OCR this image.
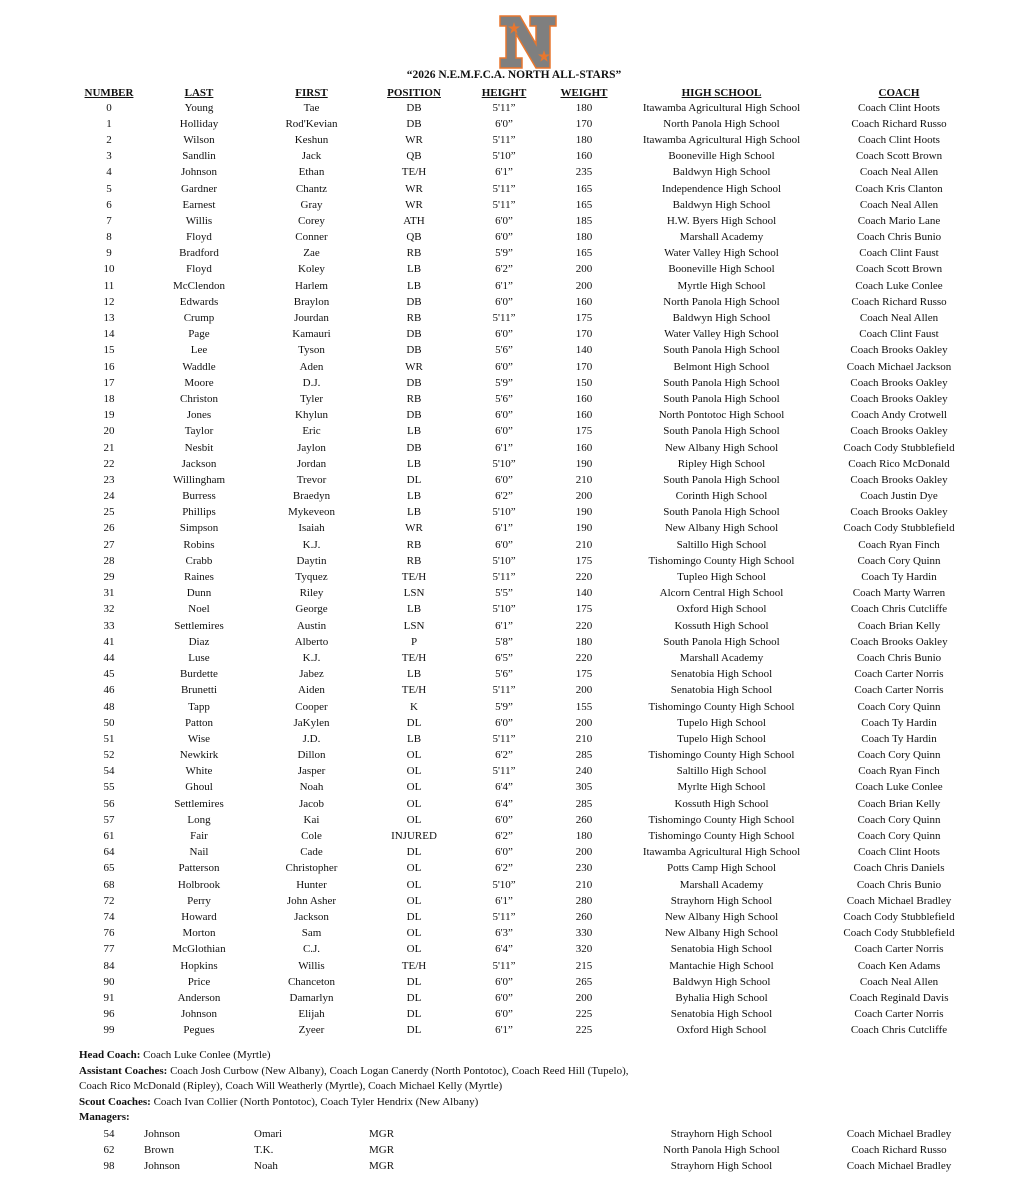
“2026 N.E.M.F.C.A. NORTH ALL-STARS”
NUMBER	LAST	FIRST	POSITION	HEIGHT	WEIGHT	HIGH SCHOOL	COACH
0	Young	Tae	DB	5'11”	180	Itawamba Agricultural High School	Coach Clint Hoots
1	Holliday	Rod'Kevian	DB	6'0”	170	North Panola High School	Coach Richard Russo
2	Wilson	Keshun	WR	5'11”	180	Itawamba Agricultural High School	Coach Clint Hoots
3	Sandlin	Jack	QB	5'10”	160	Booneville High School	Coach Scott Brown
4	Johnson	Ethan	TE/H	6'1”	235	Baldwyn High School	Coach Neal Allen
5	Gardner	Chantz	WR	5'11”	165	Independence High School	Coach Kris Clanton
6	Earnest	Gray	WR	5'11”	165	Baldwyn High School	Coach Neal Allen
7	Willis	Corey	ATH	6'0”	185	H.W. Byers High School	Coach Mario Lane
8	Floyd	Conner	QB	6'0”	180	Marshall Academy	Coach Chris Bunio
9	Bradford	Zae	RB	5'9”	165	Water Valley High School	Coach Clint Faust
10	Floyd	Koley	LB	6'2”	200	Booneville High School	Coach Scott Brown
11	McClendon	Harlem	LB	6'1”	200	Myrtle High School	Coach Luke Conlee
12	Edwards	Braylon	DB	6'0”	160	North Panola High School	Coach Richard Russo
13	Crump	Jourdan	RB	5'11”	175	Baldwyn High School	Coach Neal Allen
14	Page	Kamauri	DB	6'0”	170	Water Valley High School	Coach Clint Faust
15	Lee	Tyson	DB	5'6”	140	South Panola High School	Coach Brooks Oakley
16	Waddle	Aden	WR	6'0”	170	Belmont High School	Coach Michael Jackson
17	Moore	D.J.	DB	5'9”	150	South Panola High School	Coach Brooks Oakley
18	Christon	Tyler	RB	5'6”	160	South Panola High School	Coach Brooks Oakley
19	Jones	Khylun	DB	6'0”	160	North Pontotoc High School	Coach Andy Crotwell
20	Taylor	Eric	LB	6'0”	175	South Panola High School	Coach Brooks Oakley
21	Nesbit	Jaylon	DB	6'1”	160	New Albany High School	Coach Cody Stubblefield
22	Jackson	Jordan	LB	5'10”	190	Ripley High School	Coach Rico McDonald
23	Willingham	Trevor	DL	6'0”	210	South Panola High School	Coach Brooks Oakley
24	Burress	Braedyn	LB	6'2”	200	Corinth High School	Coach Justin Dye
25	Phillips	Mykeveon	LB	5'10”	190	South Panola High School	Coach Brooks Oakley
26	Simpson	Isaiah	WR	6'1”	190	New Albany High School	Coach Cody Stubblefield
27	Robins	K.J.	RB	6'0”	210	Saltillo High School	Coach Ryan Finch
28	Crabb	Daytin	RB	5'10”	175	Tishomingo County High School	Coach Cory Quinn
29	Raines	Tyquez	TE/H	5'11”	220	Tupleo High School	Coach Ty Hardin
31	Dunn	Riley	LSN	5'5”	140	Alcorn Central High School	Coach Marty Warren
32	Noel	George	LB	5'10”	175	Oxford High School	Coach Chris Cutcliffe
33	Settlemires	Austin	LSN	6'1”	220	Kossuth High School	Coach Brian Kelly
41	Diaz	Alberto	P	5'8”	180	South Panola High School	Coach Brooks Oakley
44	Luse	K.J.	TE/H	6'5”	220	Marshall Academy	Coach Chris Bunio
45	Burdette	Jabez	LB	5'6”	175	Senatobia High School	Coach Carter Norris
46	Brunetti	Aiden	TE/H	5'11”	200	Senatobia High School	Coach Carter Norris
48	Tapp	Cooper	K	5'9”	155	Tishomingo County High School	Coach Cory Quinn
50	Patton	JaKylen	DL	6'0”	200	Tupelo High School	Coach Ty Hardin
51	Wise	J.D.	LB	5'11”	210	Tupelo High School	Coach Ty Hardin
52	Newkirk	Dillon	OL	6'2”	285	Tishomingo County High School	Coach Cory Quinn
54	White	Jasper	OL	5'11”	240	Saltillo High School	Coach Ryan Finch
55	Ghoul	Noah	OL	6'4”	305	Myrlte High School	Coach Luke Conlee
56	Settlemires	Jacob	OL	6'4”	285	Kossuth High School	Coach Brian Kelly
57	Long	Kai	OL	6'0”	260	Tishomingo County High School	Coach Cory Quinn
61	Fair	Cole	INJURED	6'2”	180	Tishomingo County High School	Coach Cory Quinn
64	Nail	Cade	DL	6'0”	200	Itawamba Agricultural High School	Coach Clint Hoots
65	Patterson	Christopher	OL	6'2”	230	Potts Camp High School	Coach Chris Daniels
68	Holbrook	Hunter	OL	5'10”	210	Marshall Academy	Coach Chris Bunio
72	Perry	John Asher	OL	6'1”	280	Strayhorn High School	Coach Michael Bradley
74	Howard	Jackson	DL	5'11”	260	New Albany High School	Coach Cody Stubblefield
76	Morton	Sam	OL	6'3”	330	New Albany High School	Coach Cody Stubblefield
77	McGlothian	C.J.	OL	6'4”	320	Senatobia High School	Coach Carter Norris
84	Hopkins	Willis	TE/H	5'11”	215	Mantachie High School	Coach Ken Adams
90	Price	Chanceton	DL	6'0”	265	Baldwyn High School	Coach Neal Allen
91	Anderson	Damarlyn	DL	6'0”	200	Byhalia High School	Coach Reginald Davis
96	Johnson	Elijah	DL	6'0”	225	Senatobia High School	Coach Carter Norris
99	Pegues	Zyeer	DL	6'1”	225	Oxford High School	Coach Chris Cutcliffe
Head Coach: Coach Luke Conlee (Myrtle)
Assistant Coaches: Coach Josh Curbow (New Albany), Coach Logan Canerdy (North Pontotoc), Coach Reed Hill (Tupelo),
Coach Rico McDonald (Ripley), Coach Will Weatherly (Myrtle), Coach Michael Kelly (Myrtle)
Scout Coaches: Coach Ivan Collier (North Pontotoc), Coach Tyler Hendrix (New Albany)
Managers:
54	Johnson	Omari	MGR			Strayhorn High School	Coach Michael Bradley
62	Brown	T.K.	MGR			North Panola High School	Coach Richard Russo
98	Johnson	Noah	MGR			Strayhorn High School	Coach Michael Bradley
